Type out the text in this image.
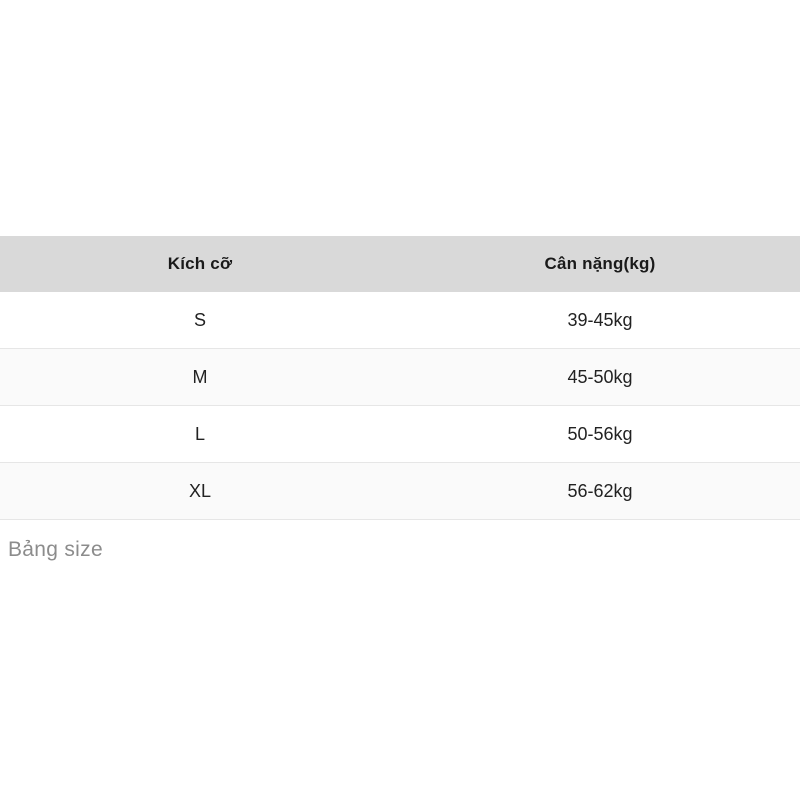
Kích cỡ	Cân nặng(kg)
S	39-45kg
M	45-50kg
L	50-56kg
XL	56-62kg
Bảng size
